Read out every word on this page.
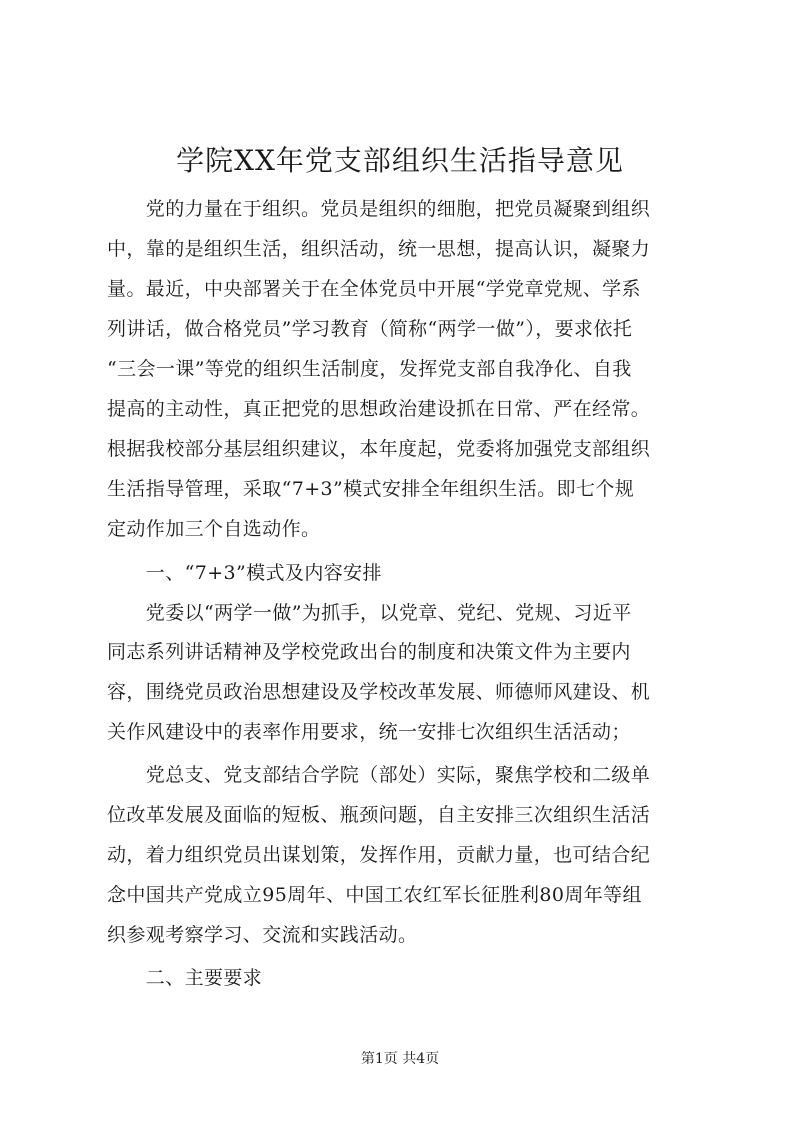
学院XX年党支部组织生活指导意见
　　党的力量在于组织。党员是组织的细胞，把党员凝聚到组织
中，靠的是组织生活，组织活动，统一思想，提高认识，凝聚力
量。最近，中央部署关于在全体党员中开展“学党章党规、学系
列讲话，做合格党员”学习教育（简称“两学一做”），要求依托
“三会一课”等党的组织生活制度，发挥党支部自我净化、自我
提高的主动性，真正把党的思想政治建设抓在日常、严在经常。
根据我校部分基层组织建议，本年度起，党委将加强党支部组织
生活指导管理，采取“7+3”模式安排全年组织生活。即七个规
定动作加三个自选动作。
　　一、“7+3”模式及内容安排
　　党委以“两学一做”为抓手，以党章、党纪、党规、习近平
同志系列讲话精神及学校党政出台的制度和决策文件为主要内
容，围绕党员政治思想建设及学校改革发展、师德师风建设、机
关作风建设中的表率作用要求，统一安排七次组织生活活动；
　　党总支、党支部结合学院（部处）实际，聚焦学校和二级单
位改革发展及面临的短板、瓶颈问题，自主安排三次组织生活活
动，着力组织党员出谋划策，发挥作用，贡献力量，也可结合纪
念中国共产党成立95周年、中国工农红军长征胜利80周年等组
织参观考察学习、交流和实践活动。
　　二、主要要求
第1页 共4页
